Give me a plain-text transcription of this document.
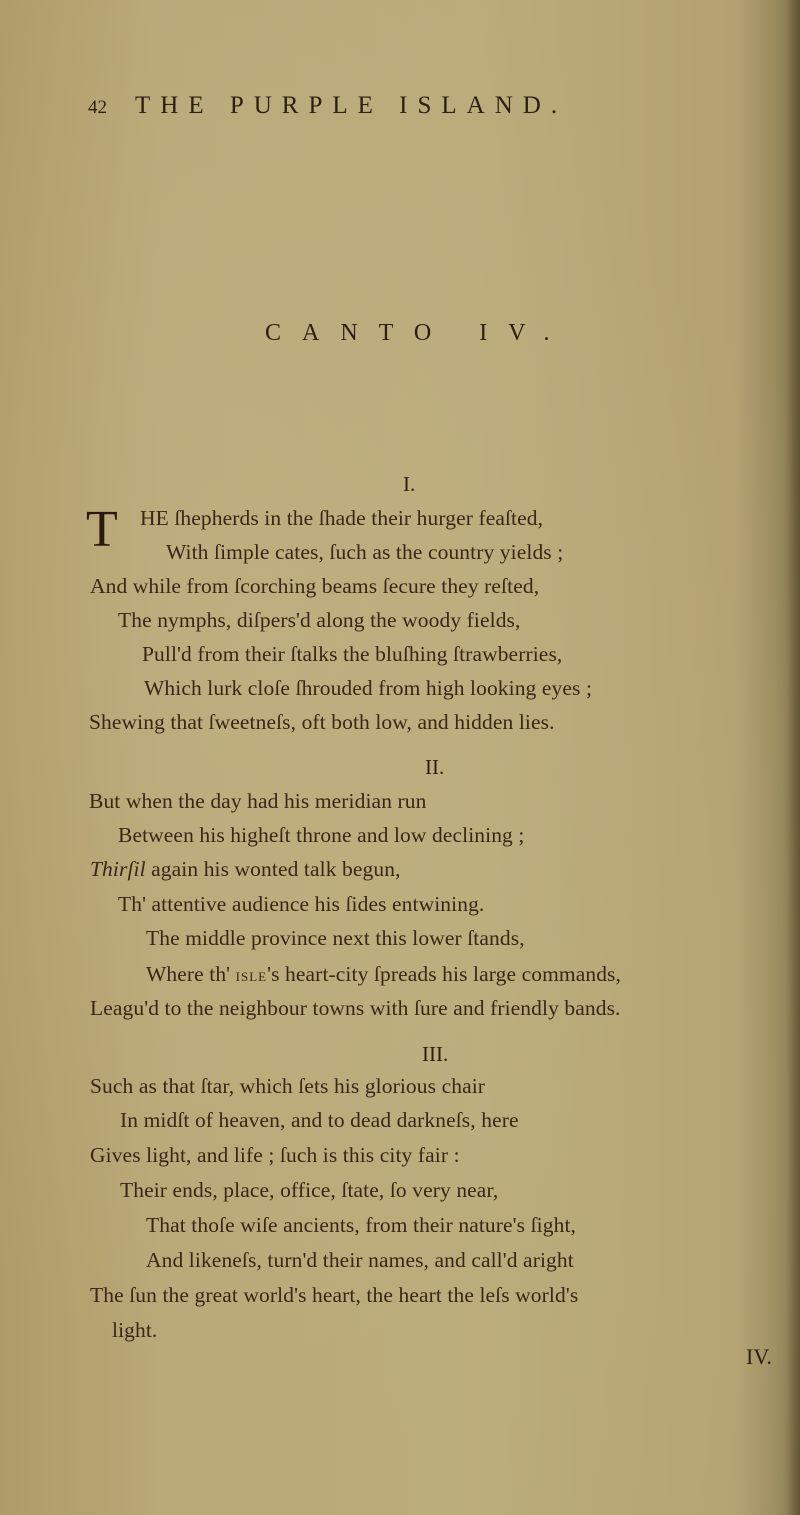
42 THE PURPLE ISLAND.
CANTO IV.
I.
T HE ſhepherds in the ſhade their hurger feaſted,
With ſimple cates, ſuch as the country yields ;
And while from ſcorching beams ſecure they reſted,
The nymphs, diſpers'd along the woody fields,
Pull'd from their ſtalks the bluſhing ſtrawberries,
Which lurk cloſe ſhrouded from high looking eyes ;
Shewing that ſweetneſs, oft both low, and hidden lies.
II.
But when the day had his meridian run
Between his higheſt throne and low declining ;
Thirſil again his wonted talk begun,
Th' attentive audience his ſides entwining.
The middle province next this lower ſtands,
Where th' isle's heart-city ſpreads his large commands,
Leagu'd to the neighbour towns with ſure and friendly bands.
III.
Such as that ſtar, which ſets his glorious chair
In midſt of heaven, and to dead darkneſs, here
Gives light, and life ; ſuch is this city fair :
Their ends, place, office, ſtate, ſo very near,
That thoſe wiſe ancients, from their nature's ſight,
And likeneſs, turn'd their names, and call'd aright
The ſun the great world's heart, the heart the leſs world's
light.
IV.
